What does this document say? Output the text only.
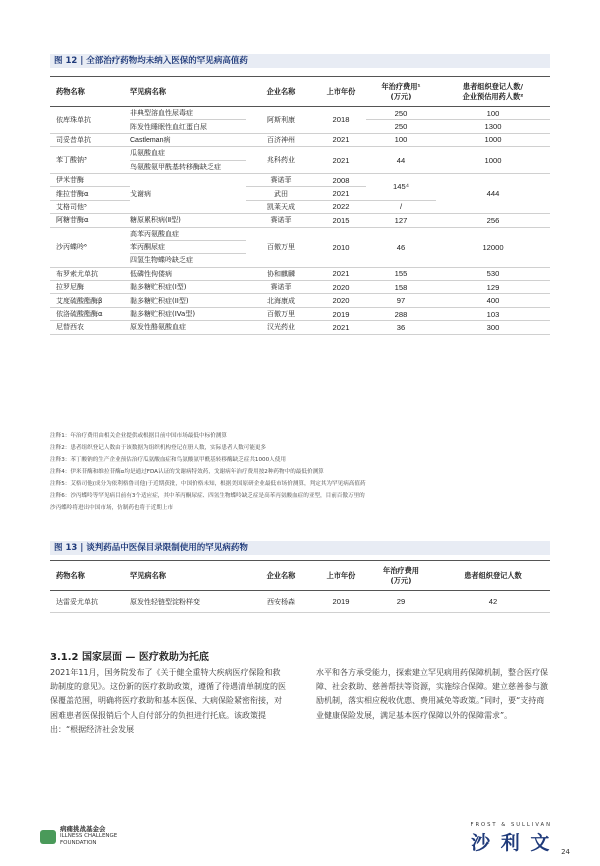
图 12 | 全部治疗药物均未纳入医保的罕见病高值药
药物名称	罕见病名称	企业名称	上市年份	年治疗费用¹
(万元)	患者组织登记人数/
企业预估用药人数²
依库珠单抗	非典型溶血性尿毒症	阿斯利康	2018	250	100
	阵发性睡眠性血红蛋白尿			250	1300
司妥昔单抗	Castleman病	百济神州	2021	100	1000
苯丁酸钠³	瓜氨酸血症	兆科药业	2021	44	1000
	鸟氨酸氨甲酰基转移酶缺乏症				
伊米苷酶	戈谢病	赛诺菲	2008	145⁴	444
维拉苷酶α		武田	2021		
艾格司他⁵		凯莱天成	2022	/	
阿糖苷酶α	糖原累积病(Ⅱ型)	赛诺菲	2015	127	256
沙丙蝶呤⁶	高苯丙氨酸血症	百傲万里	2010	46	12000
	苯丙酮尿症				
	四氢生物蝶呤缺乏症				
布罗索尤单抗	低磷性佝偻病	协和麒麟	2021	155	530
拉罗尼酶	黏多糖贮积症(I型)	赛诺菲	2020	158	129
艾度硫酸酯酶β	黏多糖贮积症(II型)	北海康成	2020	97	400
依洛硫酸酯酶α	黏多糖贮积症(IVa型)	百傲万里	2019	288	103
尼替西农	原发性酪氨酸血症	汉光药业	2021	36	300
注释1：年治疗费用由相关企业提供或根据目前中国市场最低中标价测算
注释2：患者组织登记人数由于该数据为组织机构登记在册人数，实际患者人数可能更多
注释3：苯丁酸钠的生产企业预估治疗瓜氨酸血症和鸟氨酸氨甲酰基转移酶缺乏症共1000人使用
注释4：伊米苷酶和维拉苷酶α均是通过FDA认证的戈谢病特效药，戈谢病年治疗费用按2种药物中的最低价测算
注释5：艾格司他(成分为依利格鲁司他)于近期获批，中国价格未知，根据美国原研企业最低市场价测算，判定其为罕见病高值药
注释6：沙丙蝶呤等罕见病目前有3个适应症，其中苯丙酮尿症、四氢生物蝶呤缺乏症是高苯丙氨酸血症的亚型，目前百傲万里的
沙丙蝶呤将进出中国市场，仿制药也将于近期上市
图 13 | 谈判药品中医保目录限制使用的罕见病药物
药物名称	罕见病名称	企业名称	上市年份	年治疗费用
(万元)	患者组织登记人数
达雷妥尤单抗	原发性轻链型淀粉样变	西安杨森	2019	29	42
3.1.2 国家层面 — 医疗救助为托底
2021年11月，国务院发布了《关于健全重特大疾病医疗保险和救助制度的意见》。这份新的医疗救助政策，遵循了待遇清单制度的医保覆盖范围，明确将医疗救助和基本医保、大病保险紧密衔接，对困难患者医保报销后个人自付部分的负担进行托底。该政策提出：“根据经济社会发展
水平和各方承受能力，探索建立罕见病用药保障机制，整合医疗保障、社会救助、慈善帮扶等资源，实施综合保障。建立慈善参与激励机制，落实相应税收优惠、费用减免等政策。”同时，要“支持商业健康保险发展，满足基本医疗保障以外的保障需求”。
病痛挑战基金会
ILLNESS CHALLENGE
FOUNDATION
FROST & SULLIVAN
沙 利 文 24
